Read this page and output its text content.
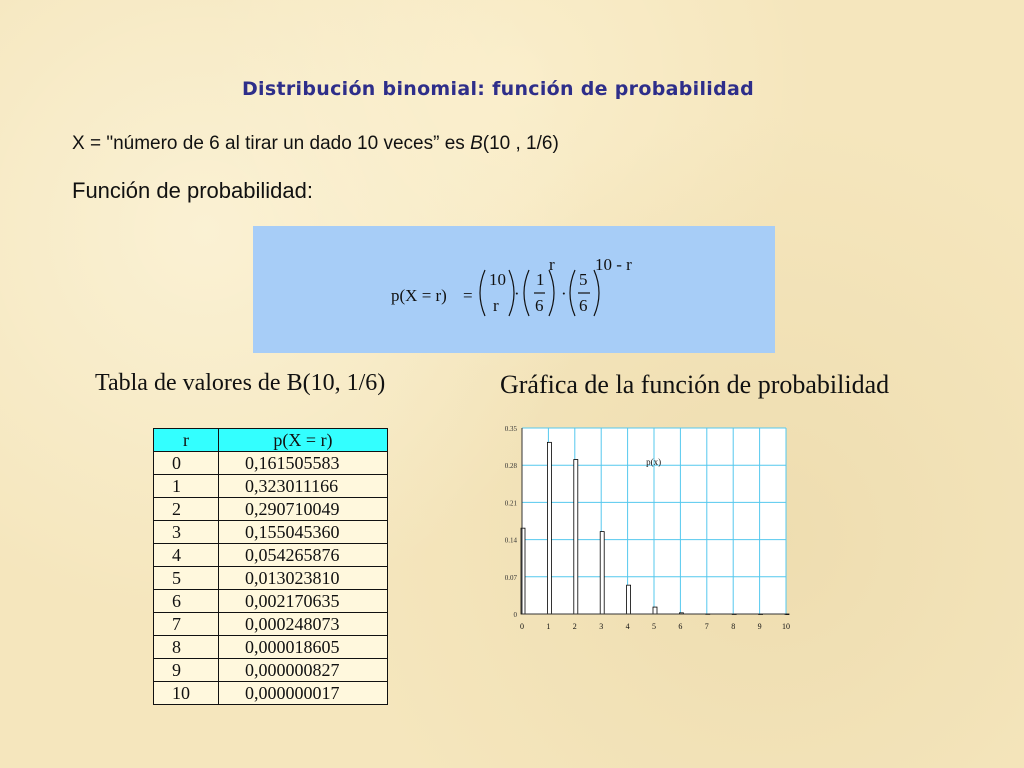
Distribución binomial: función de probabilidad
X = "número de 6 al tirar un dado 10 veces” es B(10 , 1/6)
Función de probabilidad:
p(X = r) =
10
r
·
1
6
r
·
5
6
10 - r
Tabla de valores de B(10, 1/6)	Gráfica de la función de probabilidad
r	p(X = r)
0	0,161505583
1	0,323011166
2	0,290710049
3	0,155045360
4	0,054265876
5	0,013023810
6	0,002170635
7	0,000248073
8	0,000018605
9	0,000000827
10	0,000000017
0
0.07
0.14
0.21
0.28
0.35
0	1	2	3	4	5	6	7	8	9	10
p(x)
